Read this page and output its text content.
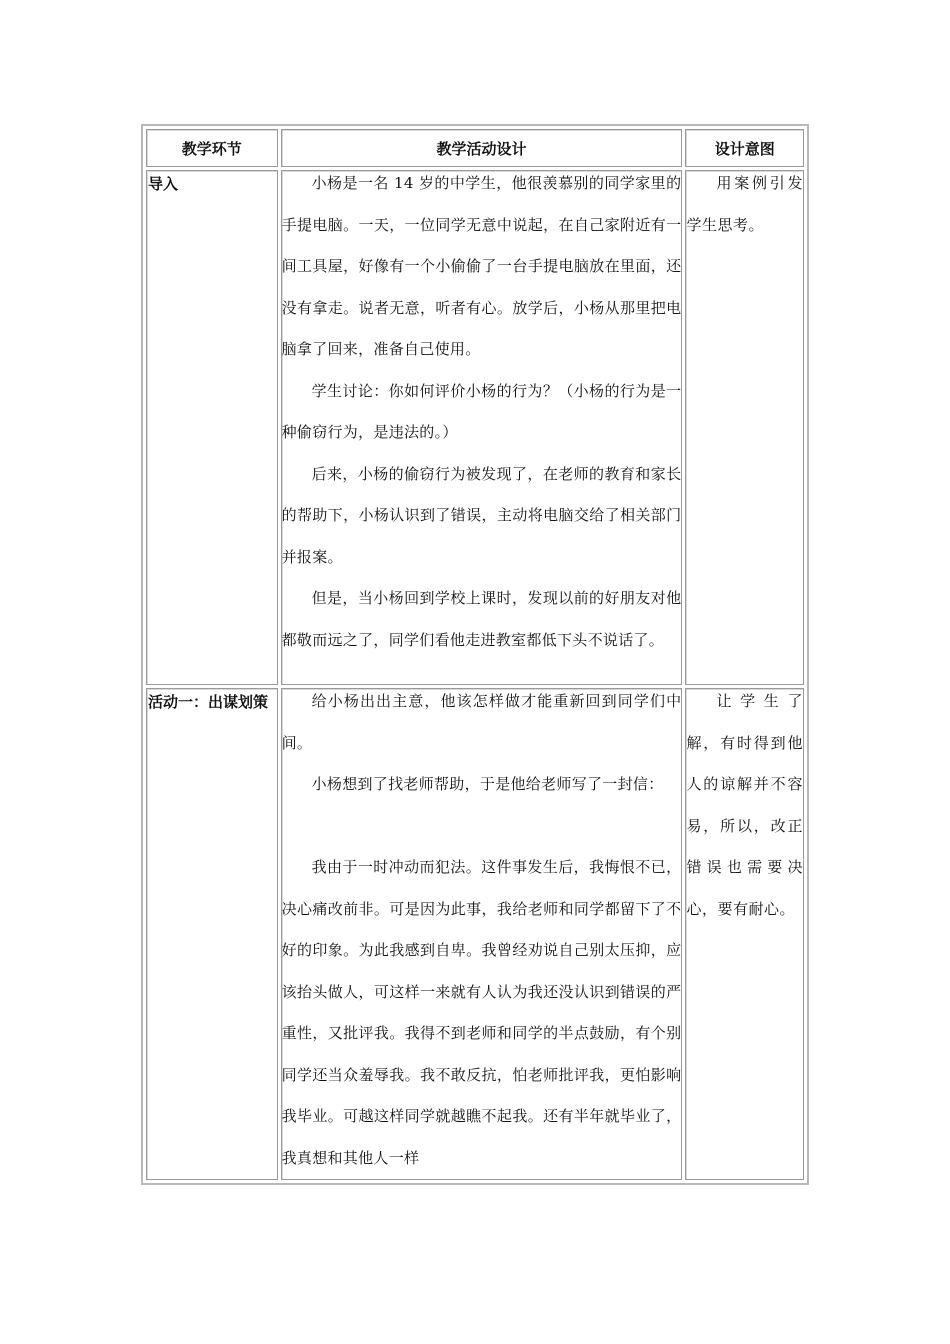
教学环节	教学活动设计	设计意图

导入	小杨是一名 14 岁的中学生，他很羡慕别的同学家里的手提电脑。一天，一位同学无意中说起，在自己家附近有一间工具屋，好像有一个小偷偷了一台手提电脑放在里面，还没有拿走。说者无意，听者有心。放学后，小杨从那里把电脑拿了回来，准备自己使用。

学生讨论：你如何评价小杨的行为？（小杨的行为是一种偷窃行为，是违法的。）

后来，小杨的偷窃行为被发现了，在老师的教育和家长的帮助下，小杨认识到了错误，主动将电脑交给了相关部门并报案。

但是，当小杨回到学校上课时，发现以前的好朋友对他都敬而远之了，同学们看他走进教室都低下头不说话了。	用案例引发学生思考。

活动一：出谋划策	给小杨出出主意，他该怎样做才能重新回到同学们中间。

小杨想到了找老师帮助，于是他给老师写了一封信：

我由于一时冲动而犯法。这件事发生后，我悔恨不已，决心痛改前非。可是因为此事，我给老师和同学都留下了不好的印象。为此我感到自卑。我曾经劝说自己别太压抑，应该抬头做人，可这样一来就有人认为我还没认识到错误的严重性，又批评我。我得不到老师和同学的半点鼓励，有个别同学还当众羞辱我。我不敢反抗，怕老师批评我，更怕影响我毕业。可越这样同学就越瞧不起我。还有半年就毕业了，我真想和其他人一样	让学生了解，有时得到他人的谅解并不容易，所以，改正错误也需要决心，要有耐心。
